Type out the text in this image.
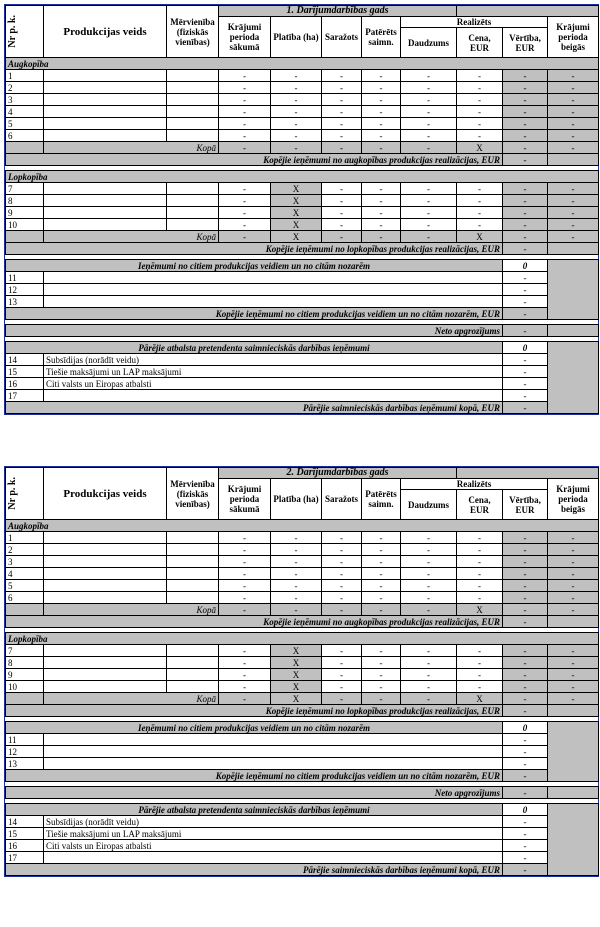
Nr p. k.	Produkcijas veids	Mērvienība (fiziskās vienības)	1. Darījumdarbības gads							
			Krājumi perioda sākumā	Platība (ha)	Saražots	Patērēts saimn.	Realizēts			Krājumi perioda beigās
							Daudzums	Cena, EUR	Vērtība, EUR	
Augkopība										
1			-	-	-	-	-	-	-	-
2			-	-	-	-	-	-	-	-
3			-	-	-	-	-	-	-	-
4			-	-	-	-	-	-	-	-
5			-	-	-	-	-	-	-	-
6			-	-	-	-	-	-	-	-
	Kopā		-	-	-	-	-	X	-	-
Kopējie ieņēmumi no augkopības produkcijas realizācijas, EUR									-	

Lopkopība										
7			-	X	-	-	-	-	-	-
8			-	X	-	-	-	-	-	-
9			-	X	-	-	-	-	-	-
10			-	X	-	-	-	-	-	-
	Kopā		-	X	-	-	-	X	-	-
Kopējie ieņēmumi no lopkopības produkcijas realizācijas, EUR									-	

Ieņēmumi no citiem produkcijas veidiem un no citām nozarēm									0	
11									-	
12									-	
13									-	
Kopējie ieņēmumi no citiem produkcijas veidiem un no citām nozarēm, EUR									-	

Neto apgrozījums									-	

Pārējie atbalsta pretendenta saimnieciskās darbības ieņēmumi									0	
14	Subsīdijas (norādīt veidu)								-	
15	Tiešie maksājumi un LAP maksājumi								-	
16	Citi valsts un Eiropas atbalsti								-	
17									-	
Pārējie saimnieciskās darbības ieņēmumi kopā, EUR									-	
Nr p. k.	Produkcijas veids	Mērvienība (fiziskās vienības)	2. Darījumdarbības gads							
			Krājumi perioda sākumā	Platība (ha)	Saražots	Patērēts saimn.	Realizēts			Krājumi perioda beigās
							Daudzums	Cena, EUR	Vērtība, EUR	
Augkopība										
1			-	-	-	-	-	-	-	-
2			-	-	-	-	-	-	-	-
3			-	-	-	-	-	-	-	-
4			-	-	-	-	-	-	-	-
5			-	-	-	-	-	-	-	-
6			-	-	-	-	-	-	-	-
	Kopā		-	-	-	-	-	X	-	-
Kopējie ieņēmumi no augkopības produkcijas realizācijas, EUR									-	

Lopkopība										
7			-	X	-	-	-	-	-	-
8			-	X	-	-	-	-	-	-
9			-	X	-	-	-	-	-	-
10			-	X	-	-	-	-	-	-
	Kopā		-	X	-	-	-	X	-	-
Kopējie ieņēmumi no lopkopības produkcijas realizācijas, EUR									-	

Ieņēmumi no citiem produkcijas veidiem un no citām nozarēm									0	
11									-	
12									-	
13									-	
Kopējie ieņēmumi no citiem produkcijas veidiem un no citām nozarēm, EUR									-	

Neto apgrozījums									-	

Pārējie atbalsta pretendenta saimnieciskās darbības ieņēmumi									0	
14	Subsīdijas (norādīt veidu)								-	
15	Tiešie maksājumi un LAP maksājumi								-	
16	Citi valsts un Eiropas atbalsti								-	
17									-	
Pārējie saimnieciskās darbības ieņēmumi kopā, EUR									-	
